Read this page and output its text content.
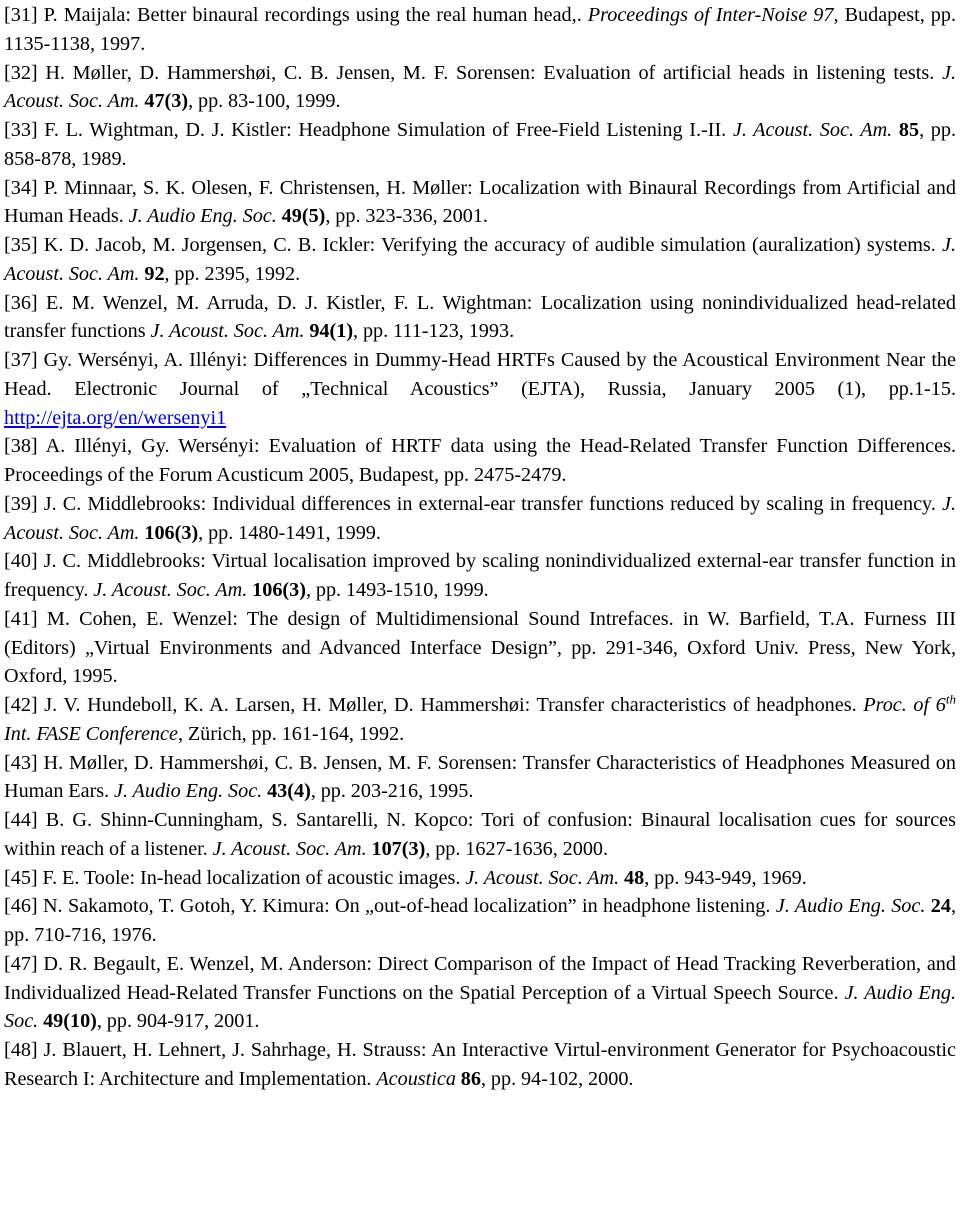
[31] P. Maijala: Better binaural recordings using the real human head,. Proceedings of Inter-Noise 97, Budapest, pp. 1135-1138, 1997.

[32] H. Møller, D. Hammershøi, C. B. Jensen, M. F. Sorensen: Evaluation of artificial heads in listening tests. J. Acoust. Soc. Am. 47(3), pp. 83-100, 1999.

[33] F. L. Wightman, D. J. Kistler: Headphone Simulation of Free-Field Listening I.-II. J. Acoust. Soc. Am. 85, pp. 858-878, 1989.

[34] P. Minnaar, S. K. Olesen, F. Christensen, H. Møller: Localization with Binaural Recordings from Artificial and Human Heads. J. Audio Eng. Soc. 49(5), pp. 323-336, 2001.

[35] K. D. Jacob, M. Jorgensen, C. B. Ickler: Verifying the accuracy of audible simulation (auralization) systems. J. Acoust. Soc. Am. 92, pp. 2395, 1992.

[36] E. M. Wenzel, M. Arruda, D. J. Kistler, F. L. Wightman: Localization using nonindividualized head-related transfer functions J. Acoust. Soc. Am. 94(1), pp. 111-123, 1993.

[37] Gy. Wersényi, A. Illényi: Differences in Dummy-Head HRTFs Caused by the Acoustical Environment Near the Head. Electronic Journal of „Technical Acoustics” (EJTA), Russia, January 2005 (1), pp.1-15. http://ejta.org/en/wersenyi1

[38] A. Illényi, Gy. Wersényi: Evaluation of HRTF data using the Head-Related Transfer Function Differences. Proceedings of the Forum Acusticum 2005, Budapest, pp. 2475-2479.

[39] J. C. Middlebrooks: Individual differences in external-ear transfer functions reduced by scaling in frequency. J. Acoust. Soc. Am. 106(3), pp. 1480-1491, 1999.

[40] J. C. Middlebrooks: Virtual localisation improved by scaling nonindividualized external-ear transfer function in frequency. J. Acoust. Soc. Am. 106(3), pp. 1493-1510, 1999.

[41] M. Cohen, E. Wenzel: The design of Multidimensional Sound Intrefaces. in W. Barfield, T.A. Furness III (Editors) „Virtual Environments and Advanced Interface Design”, pp. 291-346, Oxford Univ. Press, New York, Oxford, 1995.

[42] J. V. Hundeboll, K. A. Larsen, H. Møller, D. Hammershøi: Transfer characteristics of headphones. Proc. of 6th Int. FASE Conference, Zürich, pp. 161-164, 1992.

[43] H. Møller, D. Hammershøi, C. B. Jensen, M. F. Sorensen: Transfer Characteristics of Headphones Measured on Human Ears. J. Audio Eng. Soc. 43(4), pp. 203-216, 1995.

[44] B. G. Shinn-Cunningham, S. Santarelli, N. Kopco: Tori of confusion: Binaural localisation cues for sources within reach of a listener. J. Acoust. Soc. Am. 107(3), pp. 1627-1636, 2000.

[45] F. E. Toole: In-head localization of acoustic images. J. Acoust. Soc. Am. 48, pp. 943-949, 1969.

[46] N. Sakamoto, T. Gotoh, Y. Kimura: On „out-of-head localization” in headphone listening. J. Audio Eng. Soc. 24, pp. 710-716, 1976.

[47] D. R. Begault, E. Wenzel, M. Anderson: Direct Comparison of the Impact of Head Tracking Reverberation, and Individualized Head-Related Transfer Functions on the Spatial Perception of a Virtual Speech Source. J. Audio Eng. Soc. 49(10), pp. 904-917, 2001.

[48] J. Blauert, H. Lehnert, J. Sahrhage, H. Strauss: An Interactive Virtul-environment Generator for Psychoacoustic Research I: Architecture and Implementation. Acoustica 86, pp. 94-102, 2000.
